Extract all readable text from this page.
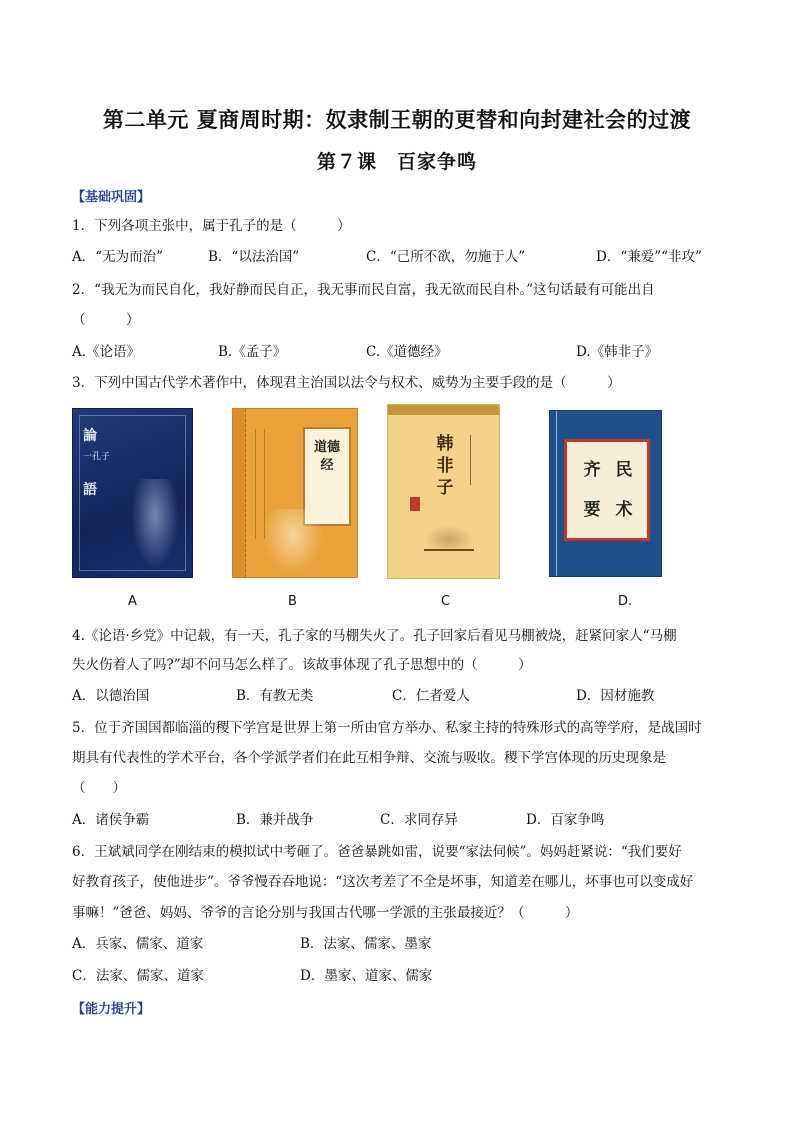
第二单元 夏商周时期：奴隶制王朝的更替和向封建社会的过渡
第７课　百家争鸣
【基础巩固】
1．下列各项主张中，属于孔子的是（　　　）
A．“无为而治”	B．“以法治国”	C．“己所不欲，勿施于人”	D．“兼爱”“非攻”
2．“我无为而民自化，我好静而民自正，我无事而民自富，我无欲而民自朴。”这句话最有可能出自
（　　　）
A.《论语》	B.《孟子》	C.《道德经》	D.《韩非子》
3．下列中国古代学术著作中，体现君主治国以法令与权术、威势为主要手段的是（　　　）
論
一孔子
語
道德经
韩非子
齐 民要 术
A	B	C	D.
4.《论语·乡党》中记载，有一天，孔子家的马棚失火了。孔子回家后看见马棚被烧，赶紧问家人“马棚
失火伤着人了吗?”却不问马怎么样了。该故事体现了孔子思想中的（　　　）
A．以德治国	B．有教无类	C．仁者爱人	D．因材施教
5．位于齐国国都临淄的稷下学宫是世界上第一所由官方举办、私家主持的特殊形式的高等学府，是战国时
期具有代表性的学术平台，各个学派学者们在此互相争辩、交流与吸收。稷下学宫体现的历史现象是
（　　）
A．诸侯争霸	B．兼并战争	C．求同存异	D．百家争鸣
6．王斌斌同学在刚结束的模拟试中考砸了。爸爸暴跳如雷，说要“家法伺候”。妈妈赶紧说：“我们要好
好教育孩子，使他进步”。爷爷慢吞吞地说：“这次考差了不全是坏事，知道差在哪儿，坏事也可以变成好
事嘛！”爸爸、妈妈、爷爷的言论分别与我国古代哪一学派的主张最接近？（　　　）
A．兵家、儒家、道家	B．法家、儒家、墨家
C．法家、儒家、道家	D．墨家、道家、儒家
【能力提升】
